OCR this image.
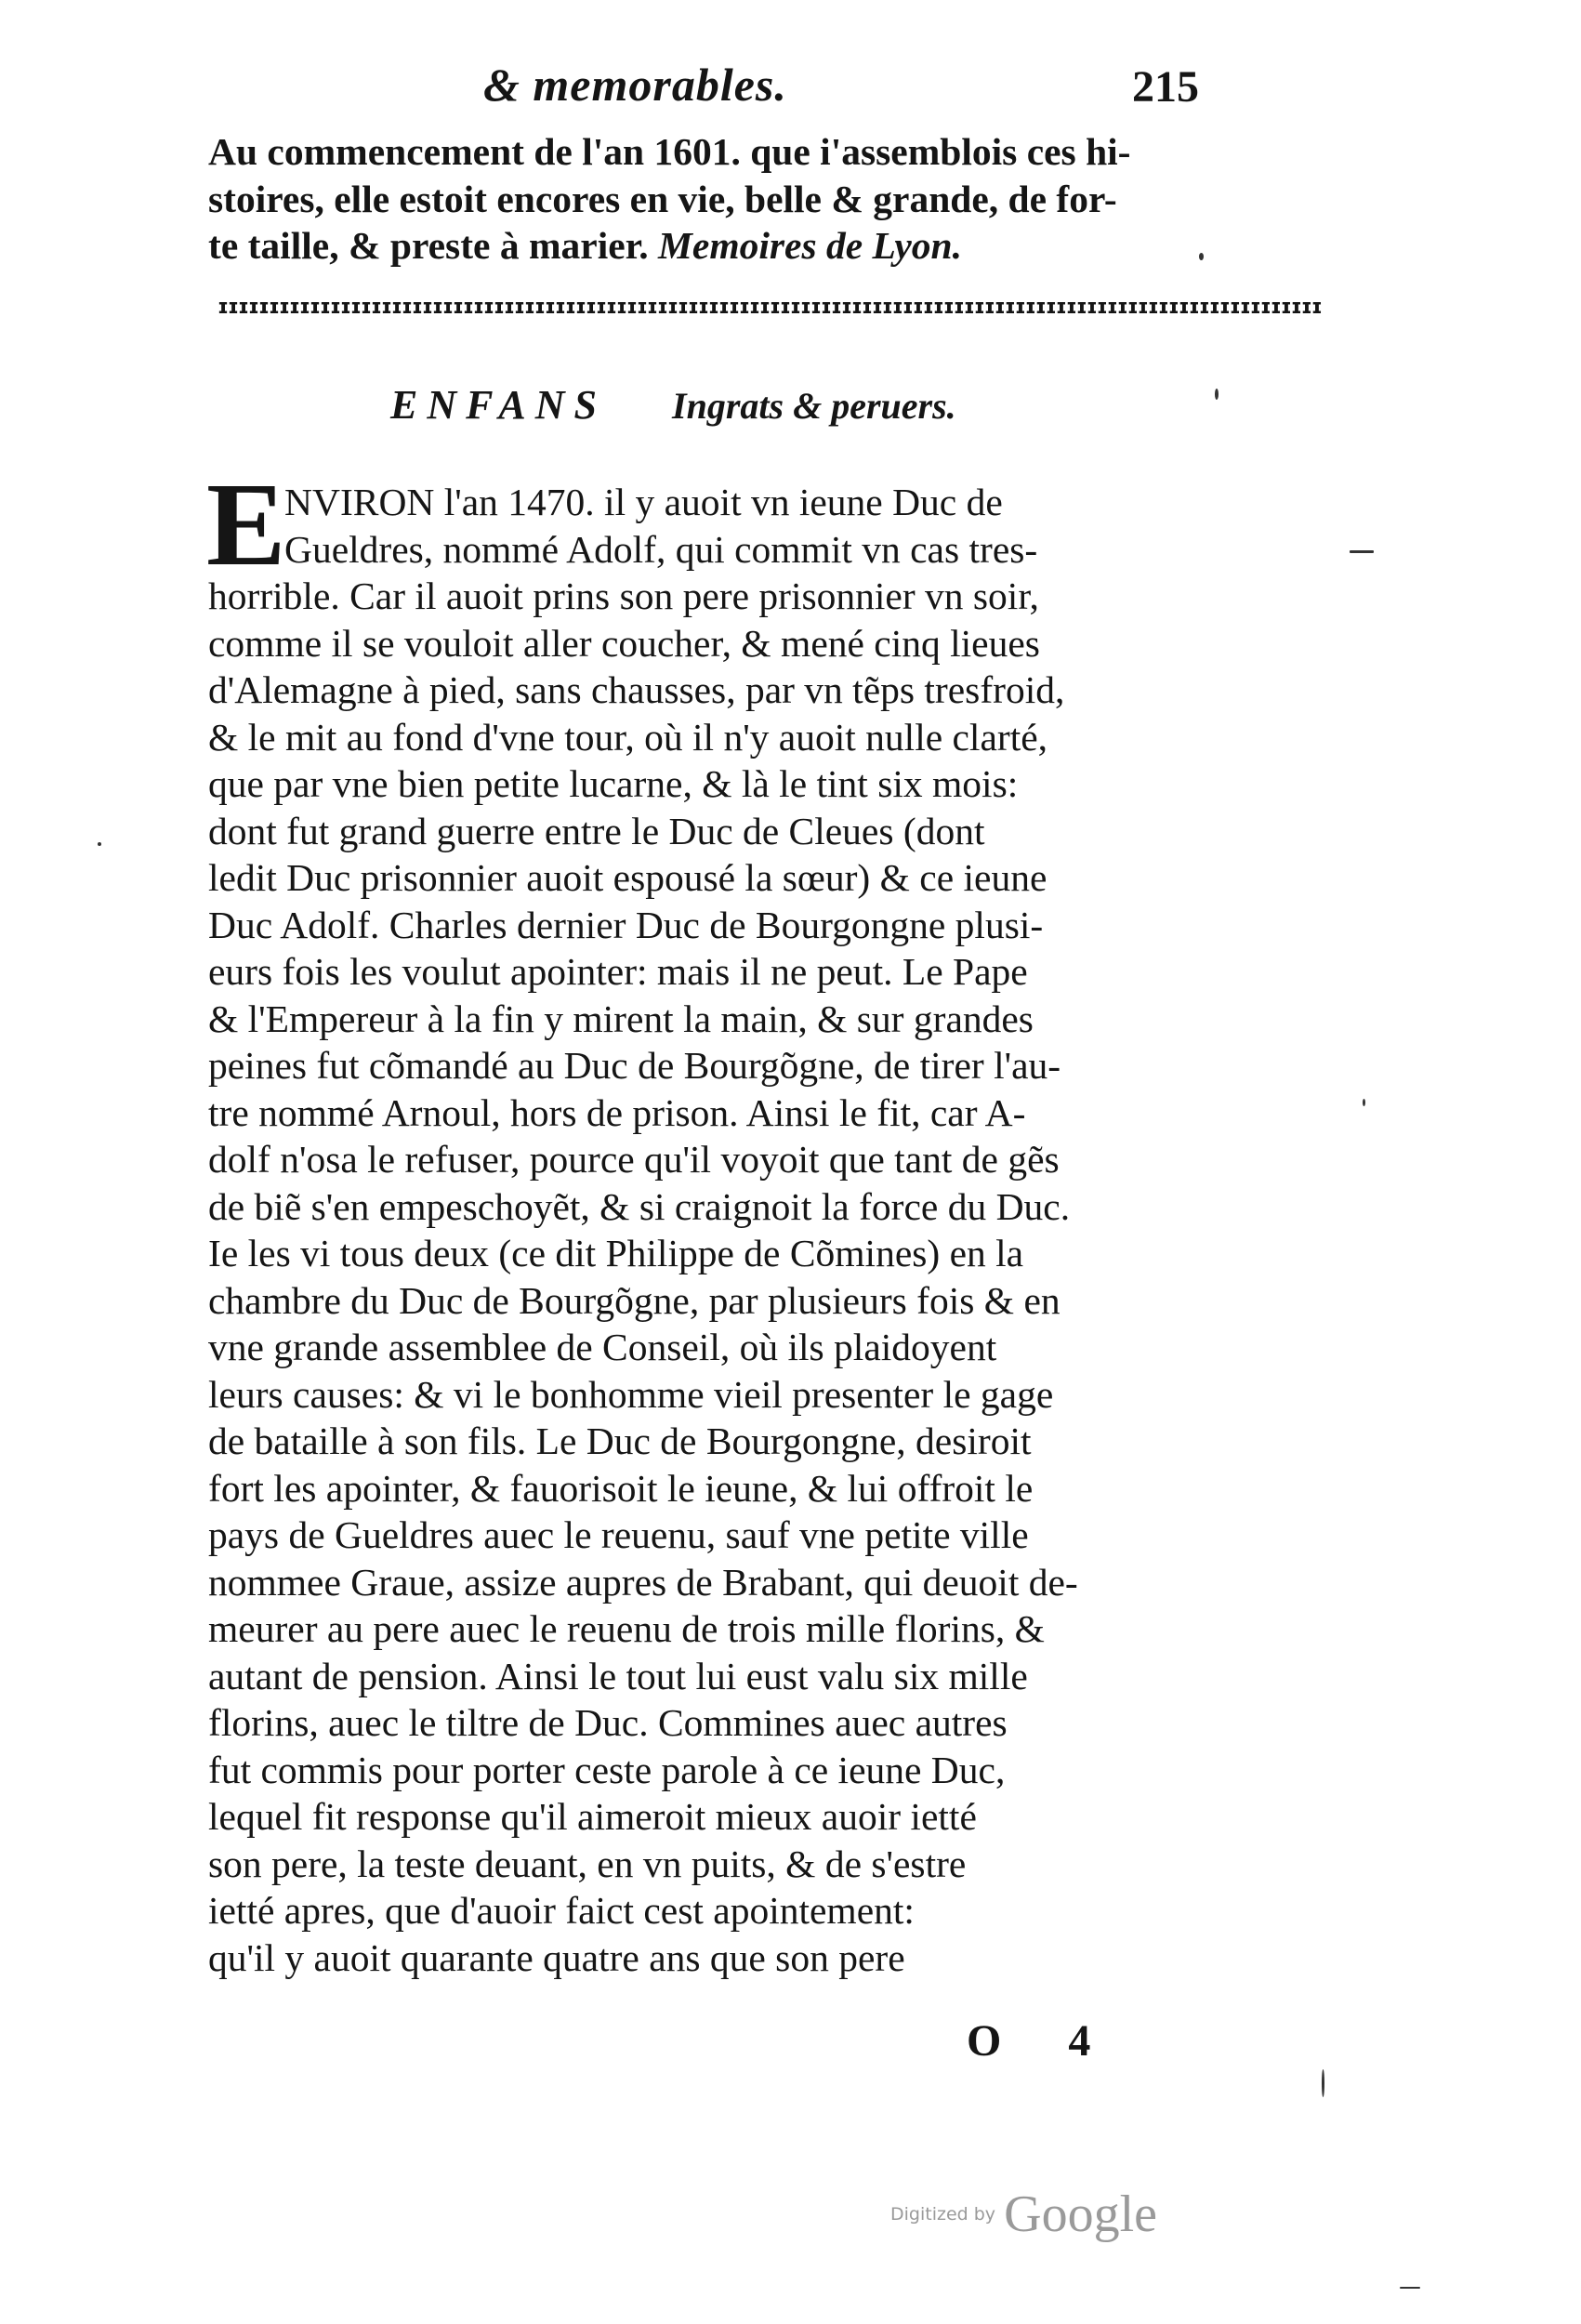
& memorables.	215
Au commencement de l'an 1601. que i'assemblois ces hi-
stoires, elle estoit encores en vie, belle & grande, de for-
te taille, & preste à marier. Memoires de Lyon.
ɪɪɪɪɪɪɪɪɪɪɪɪɪɪɪɪɪɪɪɪɪɪɪɪɪɪɪɪɪɪɪɪɪɪɪɪɪɪɪɪɪɪɪɪɪɪɪɪɪɪɪɪɪɪɪɪɪɪɪɪɪɪɪɪɪɪɪɪɪɪɪɪɪɪɪɪɪɪɪɪɪɪɪɪɪɪɪɪɪɪɪɪɪɪɪɪɪɪɪɪɪɪɪɪɪɪɪɪ
ENFANS Ingrats & peruers.
E
NVIRON l'an 1470. il y auoit vn ieune Duc de
Gueldres, nommé Adolf, qui commit vn cas tres-
horrible. Car il auoit prins son pere prisonnier vn soir,
comme il se vouloit aller coucher, & mené cinq lieues
d'Alemagne à pied, sans chausses, par vn tẽps tresfroid,
& le mit au fond d'vne tour, où il n'y auoit nulle clarté,
que par vne bien petite lucarne, & là le tint six mois:
dont fut grand guerre entre le Duc de Cleues (dont
ledit Duc prisonnier auoit espousé la sœur) & ce ieune
Duc Adolf. Charles dernier Duc de Bourgongne plusi-
eurs fois les voulut apointer: mais il ne peut. Le Pape
& l'Empereur à la fin y mirent la main, & sur grandes
peines fut cõmandé au Duc de Bourgõgne, de tirer l'au-
tre nommé Arnoul, hors de prison. Ainsi le fit, car A-
dolf n'osa le refuser, pource qu'il voyoit que tant de gẽs
de biẽ s'en empeschoyẽt, & si craignoit la force du Duc.
Ie les vi tous deux (ce dit Philippe de Cõmines) en la
chambre du Duc de Bourgõgne, par plusieurs fois & en
vne grande assemblee de Conseil, où ils plaidoyent
leurs causes: & vi le bonhomme vieil presenter le gage
de bataille à son fils. Le Duc de Bourgongne, desiroit
fort les apointer, & fauorisoit le ieune, & lui offroit le
pays de Gueldres auec le reuenu, sauf vne petite ville
nommee Graue, assize aupres de Brabant, qui deuoit de-
meurer au pere auec le reuenu de trois mille florins, &
autant de pension. Ainsi le tout lui eust valu six mille
florins, auec le tiltre de Duc. Commines auec autres
fut commis pour porter ceste parole à ce ieune Duc,
lequel fit response qu'il aimeroit mieux auoir ietté
son pere, la teste deuant, en vn puits, & de s'estre
ietté apres, que d'auoir faict cest apointement:
qu'il y auoit quarante quatre ans que son pere
O 4
Digitized by Google
